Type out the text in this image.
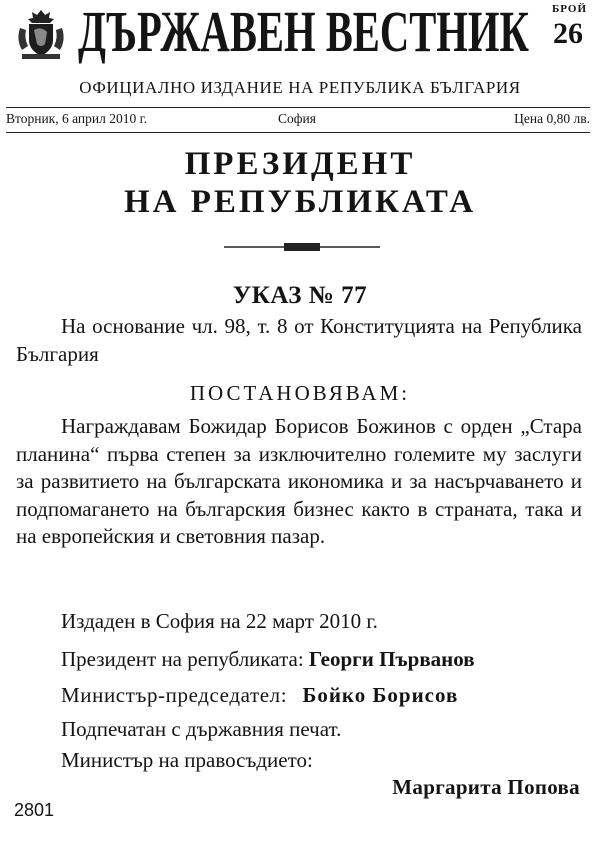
ДЪРЖАВЕН ВЕСТНИК БРОЙ
26
ОФИЦИАЛНО ИЗДАНИЕ НА РЕПУБЛИКА БЪЛГАРИЯ
Вторник, 6 април 2010 г.	София	Цена 0,80 лв.
ПРЕЗИДЕНТ
НА РЕПУБЛИКАТА
УКАЗ № 77
На основание чл. 98, т. 8 от Конституцията на Република България
ПОСТАНОВЯВАМ:
Награждавам Божидар Борисов Божинов с орден „Стара планина“ първа степен за изключително големите му заслуги за развитието на българската икономика и за насърчаването и подпомагането на българския бизнес както в страната, така и на европейския и световния пазар.
Издаден в София на 22 март 2010 г.
Президент на републиката: Георги Първанов
Министър-председател: Бойко Борисов
Подпечатан с държавния печат.
Министър на правосъдието:
Маргарита Попова
2801
